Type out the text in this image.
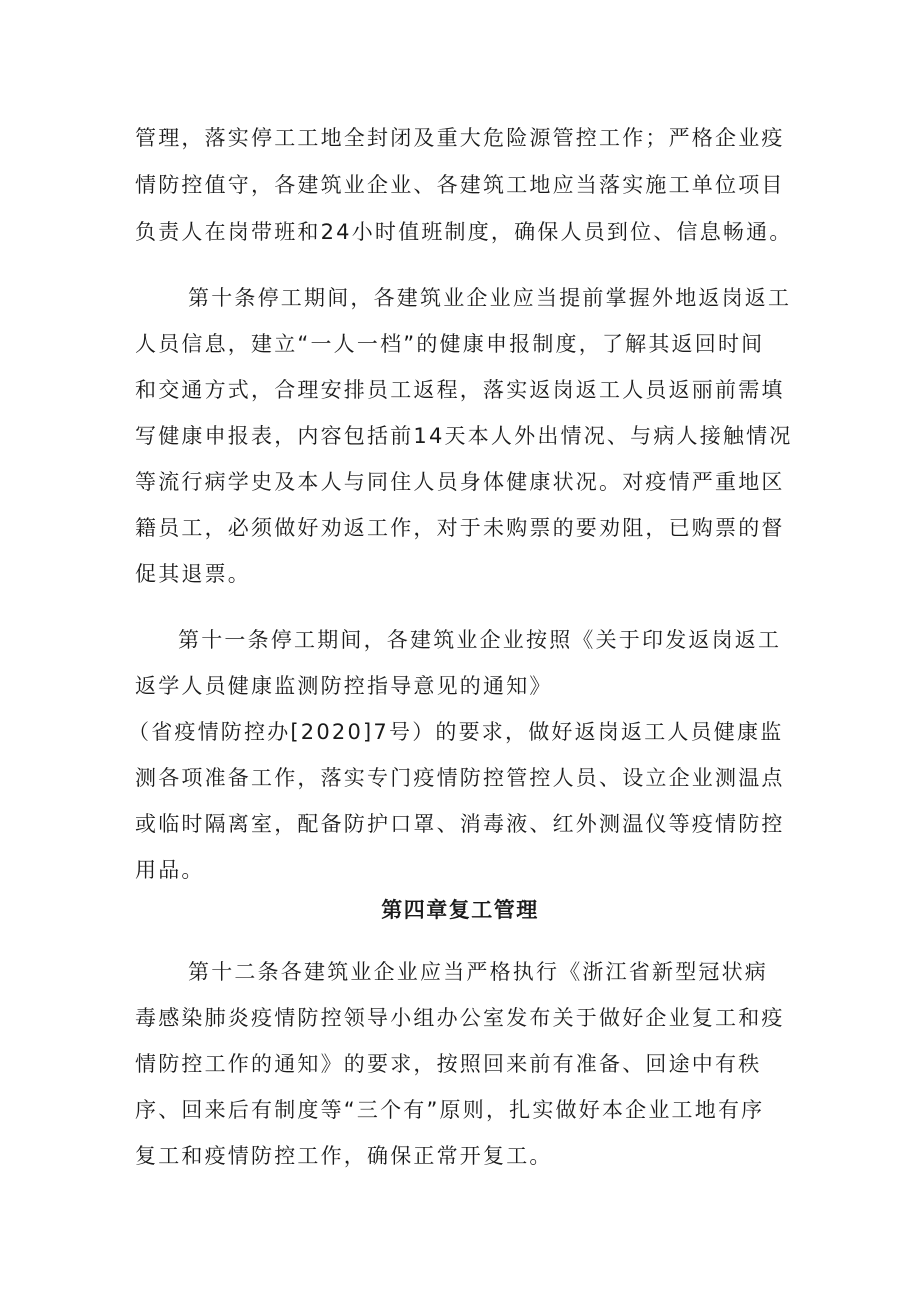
管理，落实停工工地全封闭及重大危险源管控工作；严格企业疫
情防控值守，各建筑业企业、各建筑工地应当落实施工单位项目
负责人在岗带班和24小时值班制度，确保人员到位、信息畅通。
第十条停工期间，各建筑业企业应当提前掌握外地返岗返工
人员信息，建立“一人一档”的健康申报制度，了解其返回时间
和交通方式，合理安排员工返程，落实返岗返工人员返丽前需填
写健康申报表，内容包括前14天本人外出情况、与病人接触情况
等流行病学史及本人与同住人员身体健康状况。对疫情严重地区
籍员工，必须做好劝返工作，对于未购票的要劝阻，已购票的督
促其退票。
第十一条停工期间，各建筑业企业按照《关于印发返岗返工
返学人员健康监测防控指导意见的通知》
（省疫情防控办[2020]7号）的要求，做好返岗返工人员健康监
测各项准备工作，落实专门疫情防控管控人员、设立企业测温点
或临时隔离室，配备防护口罩、消毒液、红外测温仪等疫情防控
用品。
第四章复工管理
第十二条各建筑业企业应当严格执行《浙江省新型冠状病
毒感染肺炎疫情防控领导小组办公室发布关于做好企业复工和疫
情防控工作的通知》的要求，按照回来前有准备、回途中有秩
序、回来后有制度等“三个有”原则，扎实做好本企业工地有序
复工和疫情防控工作，确保正常开复工。
